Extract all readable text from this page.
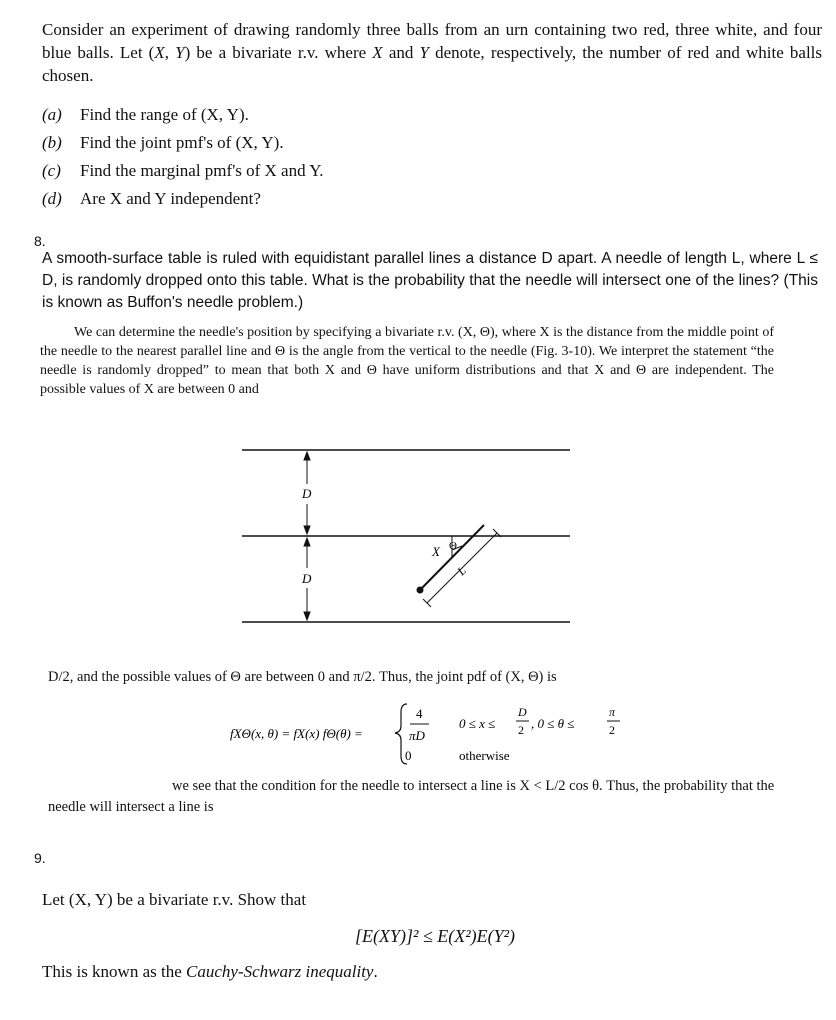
Consider an experiment of drawing randomly three balls from an urn containing two red, three white, and four blue balls. Let (X, Y) be a bivariate r.v. where X and Y denote, respectively, the number of red and white balls chosen.
(a) Find the range of (X, Y).
(b) Find the joint pmf's of (X, Y).
(c) Find the marginal pmf's of X and Y.
(d) Are X and Y independent?
8.
A smooth-surface table is ruled with equidistant parallel lines a distance D apart. A needle of length L, where L ≤ D, is randomly dropped onto this table. What is the probability that the needle will intersect one of the lines? (This is known as Buffon's needle problem.)
We can determine the needle's position by specifying a bivariate r.v. (X, Θ), where X is the distance from the middle point of the needle to the nearest parallel line and Θ is the angle from the vertical to the needle (Fig. 3-10). We interpret the statement “the needle is randomly dropped” to mean that both X and Θ have uniform distributions and that X and Θ are independent. The possible values of X are between 0 and
D
D
X Θ
L
D/2, and the possible values of Θ are between 0 and π/2. Thus, the joint pdf of (X, Θ) is
fXΘ(x, θ) = fX(x) fΘ(θ) =
4
πD
0 ≤ x ≤
D
2 , 0 ≤ θ ≤
π
2
0	otherwise
we see that the condition for the needle to intersect a line is X < L/2 cos θ. Thus, the probability that the needle will intersect a line is
9.
Let (X, Y) be a bivariate r.v. Show that
[E(XY)]² ≤ E(X²)E(Y²)
This is known as the Cauchy-Schwarz inequality.
